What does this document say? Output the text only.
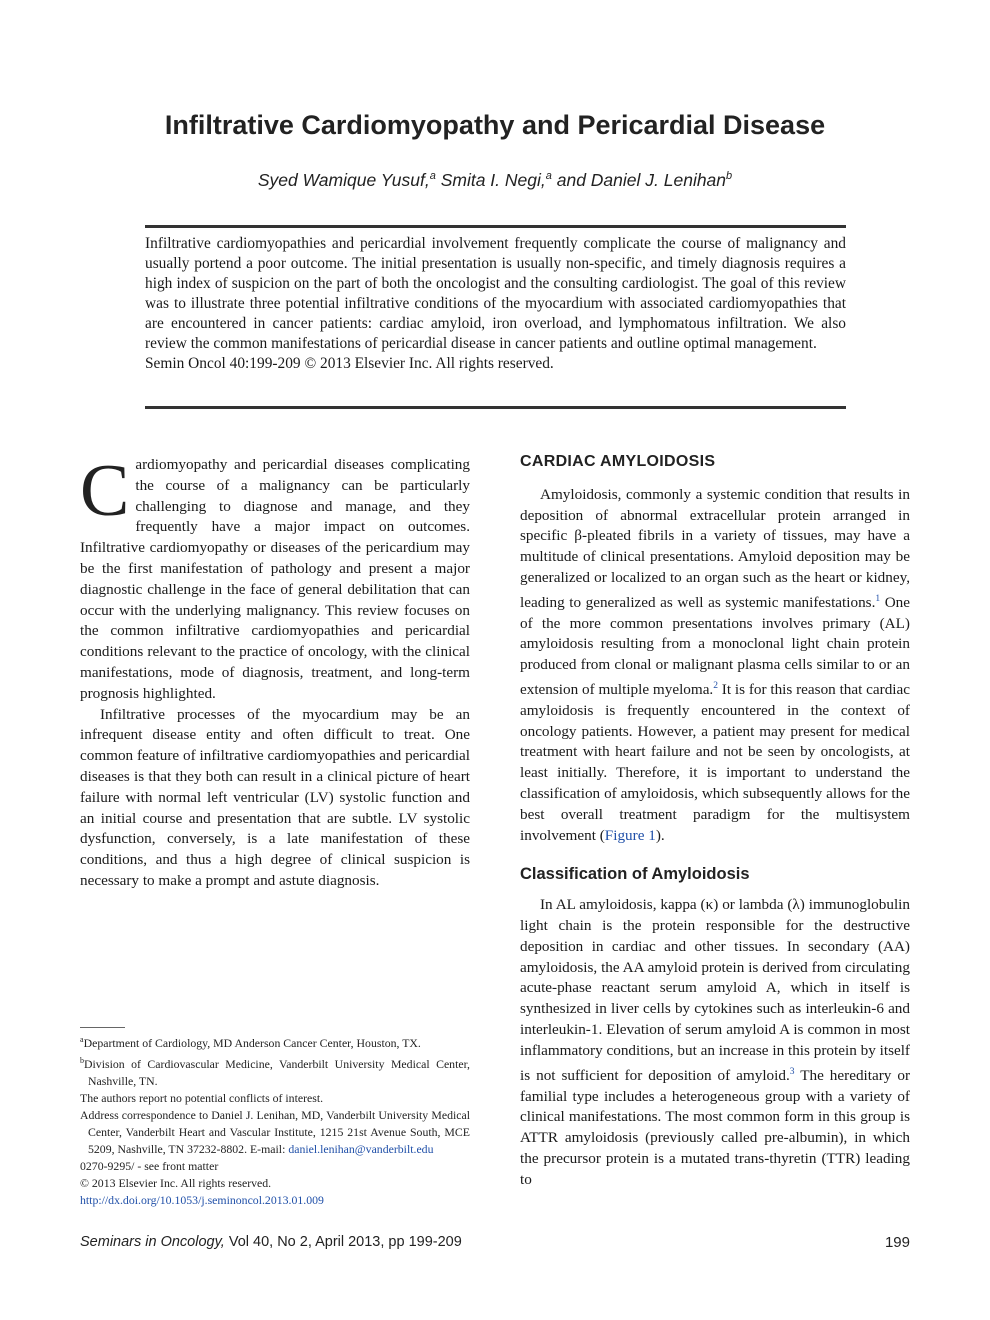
Infiltrative Cardiomyopathy and Pericardial Disease
Syed Wamique Yusuf,$^a$ Smita I. Negi,$^a$ and Daniel J. Lenihan$^b$

Infiltrative cardiomyopathies and pericardial involvement frequently complicate the course of malignancy and usually portend a poor outcome. The initial presentation is usually non-specific, and timely diagnosis requires a high index of suspicion on the part of both the oncologist and the consulting cardiologist. The goal of this review was to illustrate three potential infiltrative conditions of the myocardium with associated cardiomyopathies that are encountered in cancer patients: cardiac amyloid, iron overload, and lymphomatous infiltration. We also review the common manifestations of pericardial disease in cancer patients and outline optimal management.

Semin Oncol 40:199-209 © 2013 Elsevier Inc. All rights reserved.

Cardiomyopathy and pericardial diseases complicating the course of a malignancy can be particularly challenging to diagnose and manage, and they frequently have a major impact on outcomes. Infiltrative cardiomyopathy or diseases of the pericardium may be the first manifestation of pathology and present a major diagnostic challenge in the face of general debilitation that can occur with the underlying malignancy. This review focuses on the common infiltrative cardiomyopathies and pericardial conditions relevant to the practice of oncology, with the clinical manifestations, mode of diagnosis, treatment, and long-term prognosis highlighted.

Infiltrative processes of the myocardium may be an infrequent disease entity and often difficult to treat. One common feature of infiltrative cardiomyopathies and pericardial diseases is that they both can result in a clinical picture of heart failure with normal left ventricular (LV) systolic function and an initial course and presentation that are subtle. LV systolic dysfunction, conversely, is a late manifestation of these conditions, and thus a high degree of clinical suspicion is necessary to make a prompt and astute diagnosis.

$^a$Department of Cardiology, MD Anderson Cancer Center, Houston, TX.
$^b$Division of Cardiovascular Medicine, Vanderbilt University Medical Center, Nashville, TN.
The authors report no potential conflicts of interest.
Address correspondence to Daniel J. Lenihan, MD, Vanderbilt University Medical Center, Vanderbilt Heart and Vascular Institute, 1215 21st Avenue South, MCE 5209, Nashville, TN 37232-8802. E-mail: daniel.lenihan@vanderbilt.edu
0270-9295/ - see front matter
© 2013 Elsevier Inc. All rights reserved.
http://dx.doi.org/10.1053/j.seminoncol.2013.01.009
CARDIAC AMYLOIDOSIS

Amyloidosis, commonly a systemic condition that results in deposition of abnormal extracellular protein arranged in specific β-pleated fibrils in a variety of tissues, may have a multitude of clinical presentations. Amyloid deposition may be generalized or localized to an organ such as the heart or kidney, leading to generalized as well as systemic manifestations.$^1$ One of the more common presentations involves primary (AL) amyloidosis resulting from a monoclonal light chain protein produced from clonal or malignant plasma cells similar to or an extension of multiple myeloma.$^2$ It is for this reason that cardiac amyloidosis is frequently encountered in the context of oncology patients. However, a patient may present for medical treatment with heart failure and not be seen by oncologists, at least initially. Therefore, it is important to understand the classification of amyloidosis, which subsequently allows for the best overall treatment paradigm for the multisystem involvement (Figure 1).

Classification of Amyloidosis

In AL amyloidosis, kappa (κ) or lambda (λ) immunoglobulin light chain is the protein responsible for the destructive deposition in cardiac and other tissues. In secondary (AA) amyloidosis, the AA amyloid protein is derived from circulating acute-phase reactant serum amyloid A, which in itself is synthesized in liver cells by cytokines such as interleukin-6 and interleukin-1. Elevation of serum amyloid A is common in most inflammatory conditions, but an increase in this protein by itself is not sufficient for deposition of amyloid.$^3$ The hereditary or familial type includes a heterogeneous group with a variety of clinical manifestations. The most common form in this group is ATTR amyloidosis (previously called pre-albumin), in which the precursor protein is a mutated trans-thyretin (TTR) leading to

Seminars in Oncology, Vol 40, No 2, April 2013, pp 199-209	199
